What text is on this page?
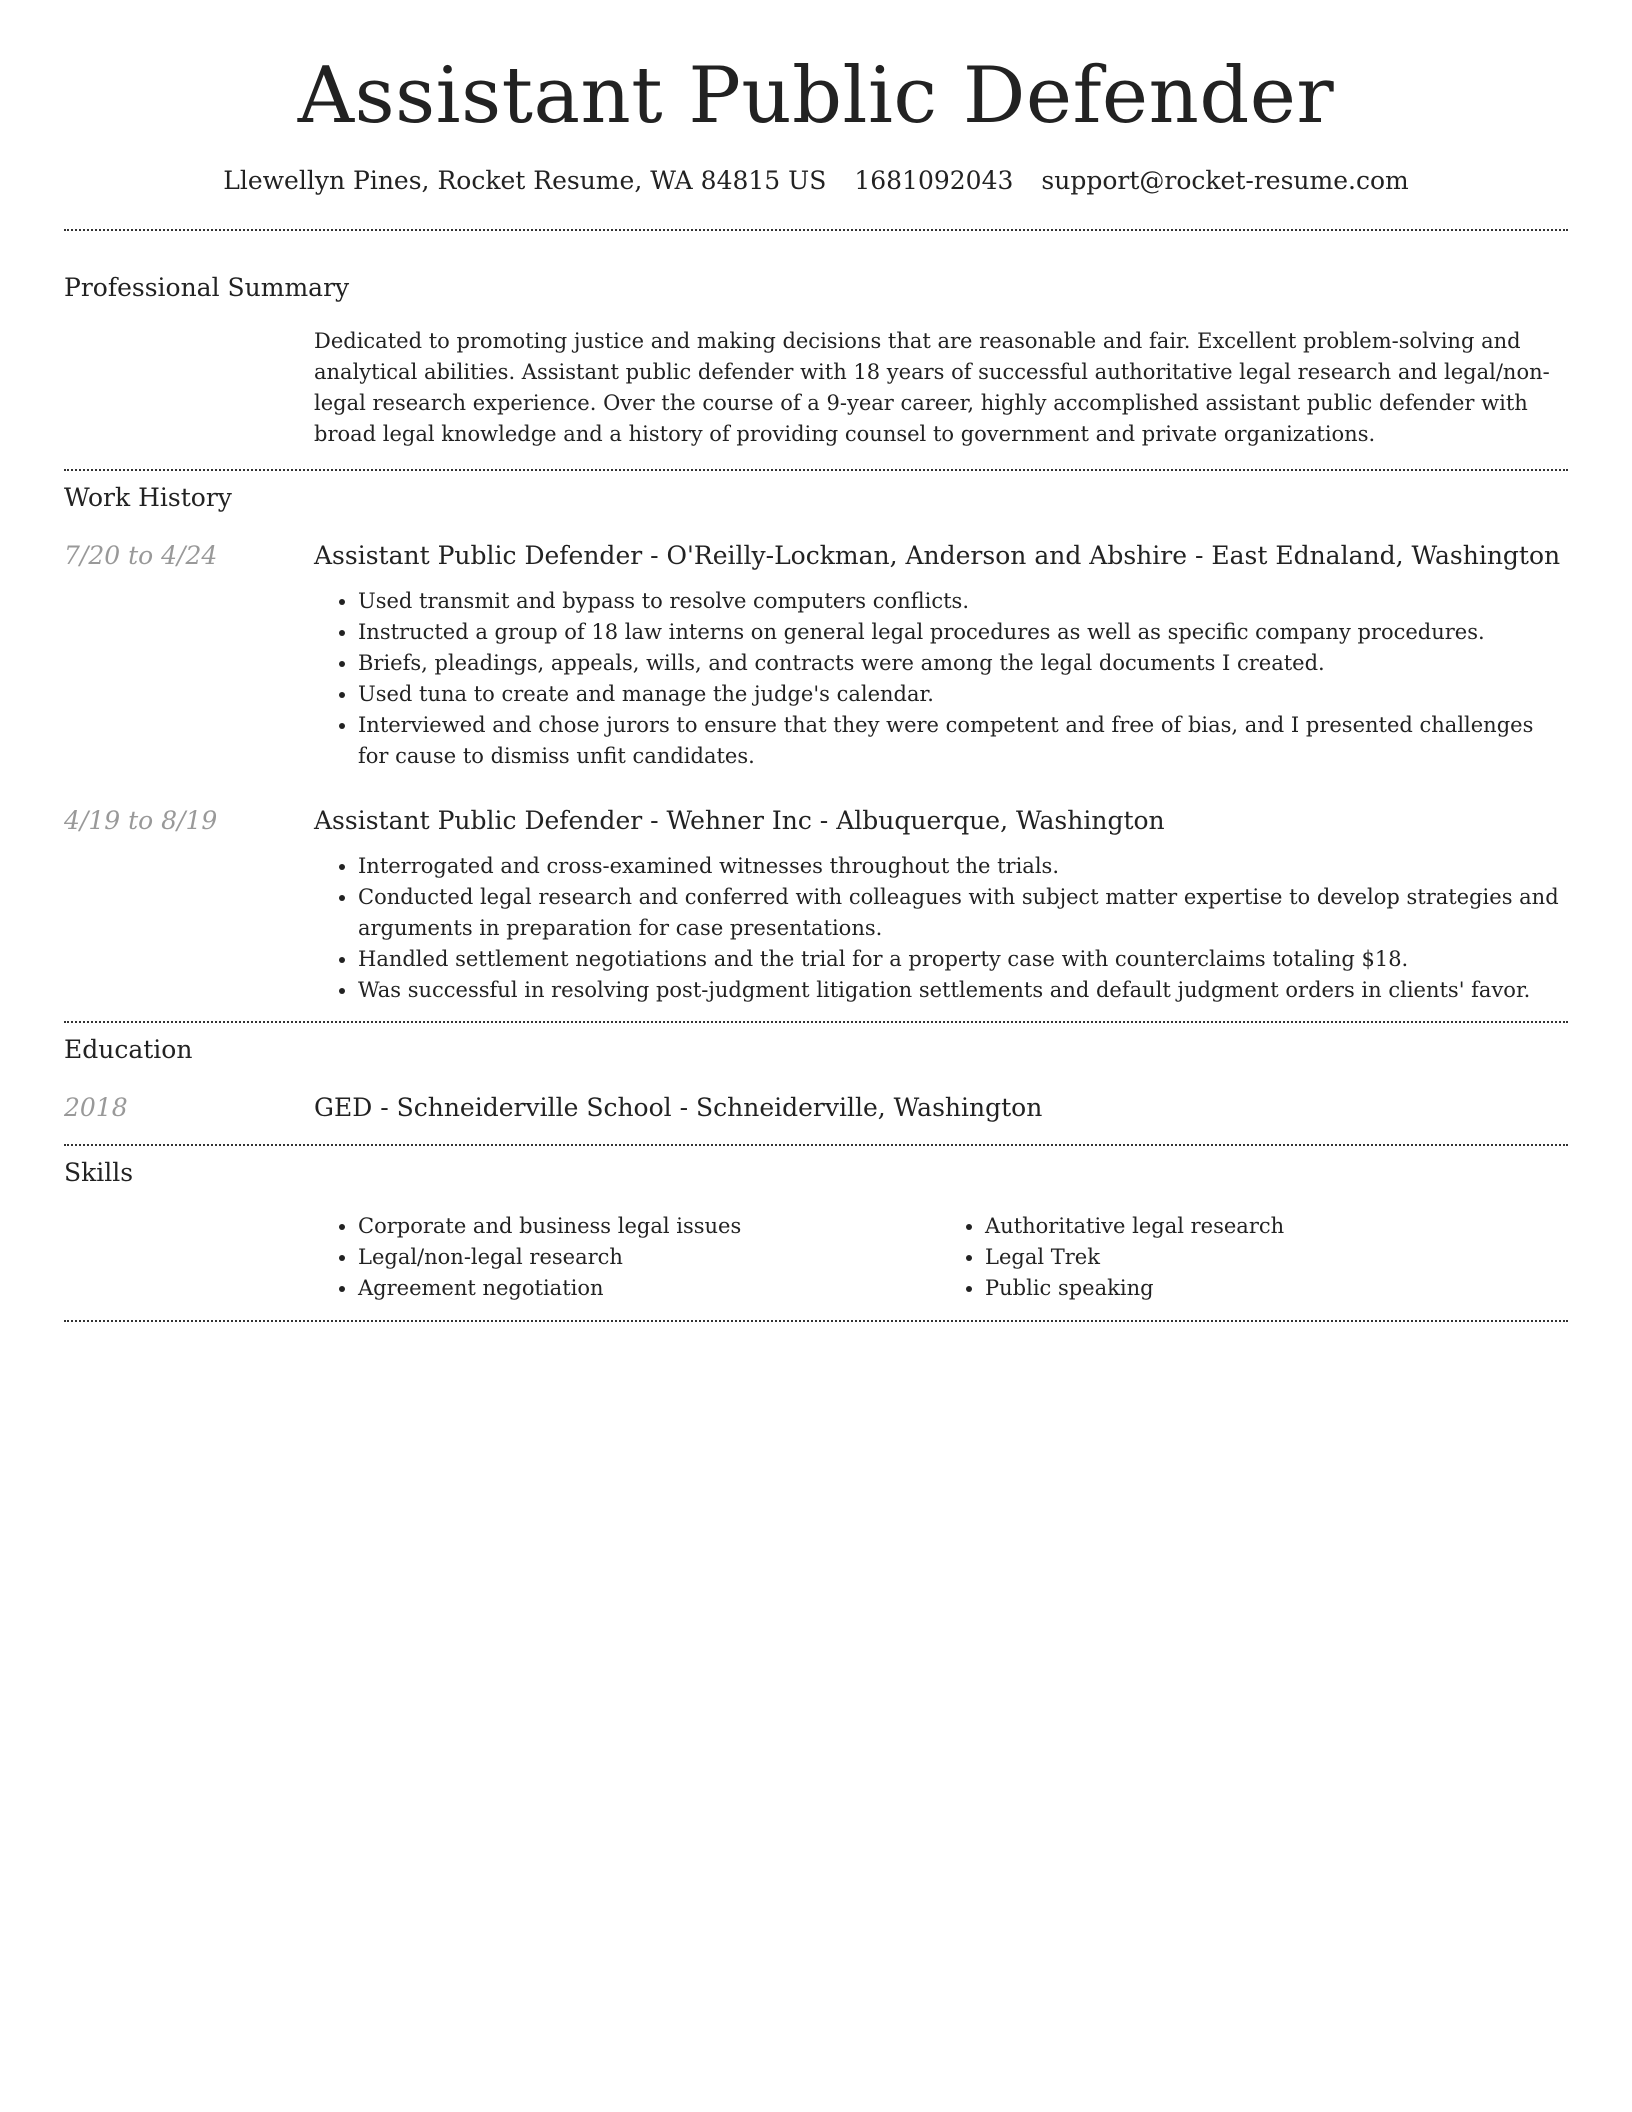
Assistant Public Defender
Llewellyn Pines, Rocket Resume, WA 84815 US 1681092043 support@rocket-resume.com
Professional Summary

Dedicated to promoting justice and making decisions that are reasonable and fair. Excellent problem-solving and analytical abilities. Assistant public defender with 18 years of successful authoritative legal research and legal/non-legal research experience. Over the course of a 9-year career, highly accomplished assistant public defender with broad legal knowledge and a history of providing counsel to government and private organizations.

Work History
7/20 to 4/24	Assistant Public Defender - O'Reilly-Lockman, Anderson and Abshire - East Ednaland, Washington

• Used transmit and bypass to resolve computers conflicts.
• Instructed a group of 18 law interns on general legal procedures as well as specific company procedures.
• Briefs, pleadings, appeals, wills, and contracts were among the legal documents I created.
• Used tuna to create and manage the judge's calendar.
• Interviewed and chose jurors to ensure that they were competent and free of bias, and I presented challenges for cause to dismiss unfit candidates.
4/19 to 8/19	Assistant Public Defender - Wehner Inc - Albuquerque, Washington

• Interrogated and cross-examined witnesses throughout the trials.
• Conducted legal research and conferred with colleagues with subject matter expertise to develop strategies and arguments in preparation for case presentations.
• Handled settlement negotiations and the trial for a property case with counterclaims totaling $18.
• Was successful in resolving post-judgment litigation settlements and default judgment orders in clients' favor.
Education
2018	GED - Schneiderville School - Schneiderville, Washington

Skills
• Corporate and business legal issues
• Legal/non-legal research
• Agreement negotiation
• Authoritative legal research
• Legal Trek
• Public speaking
